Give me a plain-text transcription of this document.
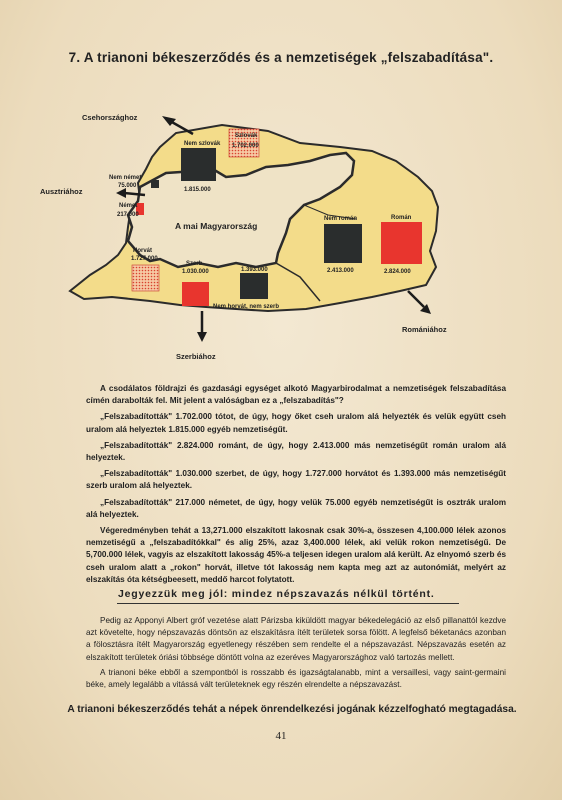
7. A trianoni békeszerződés és a nemzetiségek „felszabadítása".
Nem szlovák
1.815.000
Szlovák
1.702.000
Nem német
75.000
Német
217.000
Horvát
1.727.000
Szerb
1.030.000
Nem horvát, nem szerb
1.393.000
Nem román
2.413.000
Román
2.824.000
A mai Magyarország
Csehországhoz
Ausztriához
Szerbiához
Romániához

A csodálatos földrajzi és gazdasági egységet alkotó Magyarbirodalmat a nemzetiségek felszabadítása címén darabolták fel. Mit jelent a valóságban ez a „felszabadítás"?

„Felszabadították" 1.702.000 tótot, de úgy, hogy őket cseh uralom alá helyezték és velük együtt cseh uralom alá helyeztek 1.815.000 egyéb nemzetiségűt.

„Felszabadították" 2.824.000 románt, de úgy, hogy 2.413.000 más nemzetiségűt román uralom alá helyeztek.

„Felszabadították" 1.030.000 szerbet, de úgy, hogy 1.727.000 horvátot és 1.393.000 más nemzetiségűt szerb uralom alá helyeztek.

„Felszabadították" 217.000 németet, de úgy, hogy velük 75.000 egyéb nemzetiségűt is osztrák uralom alá helyeztek.

Végeredményben tehát a 13,271.000 elszakított lakosnak csak 30%-a, összesen 4,100.000 lélek azonos nemzetiségű a „felszabadítókkal" és alig 25%, azaz 3,400.000 lélek, aki velük rokon nemzetiségű. De 5,700.000 lélek, vagyis az elszakított lakosság 45%-a teljesen idegen uralom alá került. Az elnyomó szerb és cseh uralom alatt a „rokon" horvát, illetve tót lakosság nem kapta meg azt az autonómiát, melyért az elszakítás óta kétségbeesett, meddő harcot folytatott.

Jegyezzük meg jól: mindez népszavazás nélkül történt.

Pedig az Apponyi Albert gróf vezetése alatt Párizsba kiküldött magyar békedelegáció az első pillanattól kezdve azt követelte, hogy népszavazás döntsön az elszakításra ítélt területek sorsa fölött. A legfelső béketanács azonban a fölosztásra ítélt Magyarország egyetlenegy részében sem rendelte el a népszavazást. Népszavazás esetén az elszakított területek óriási többsége döntött volna az ezeréves Magyarországhoz való tartozás mellett.

A trianoni béke ebből a szempontból is rosszabb és igazságtalanabb, mint a versaillesi, vagy saint-germaini béke, amely legalább a vitássá vált területeknek egy részén elrendelte a népszavazást.

A trianoni békeszerződés tehát a népek önrendelkezési jogának kézzelfogható megtagadása.
41
